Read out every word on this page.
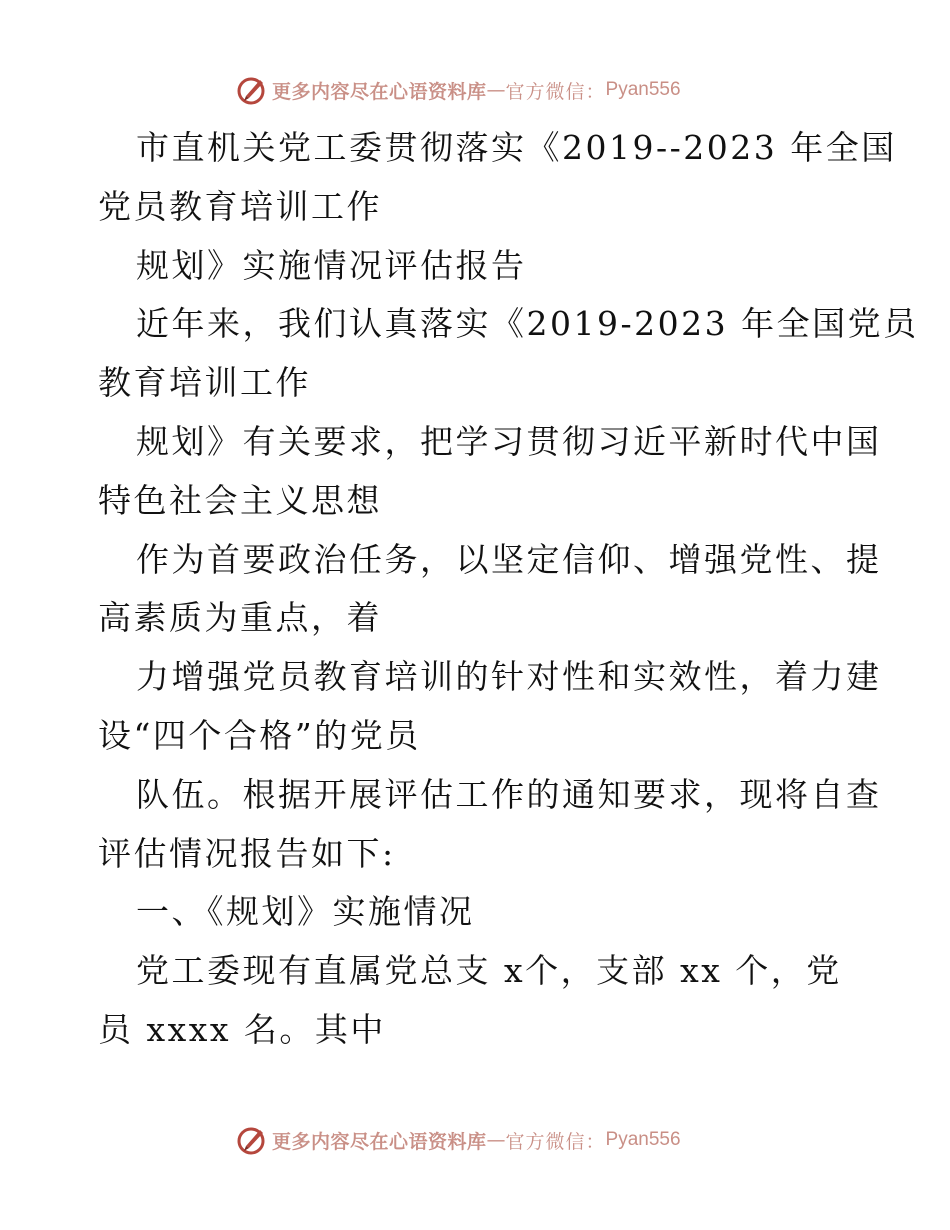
更多内容尽在心语资料库 — 官方微信： Pyan556
市直机关党工委贯彻落实《2019--2023 年全国
党员教育培训工作
规划》实施情况评估报告
近年来，我们认真落实《2019-2023 年全国党员
教育培训工作
规划》有关要求，把学习贯彻习近平新时代中国
特色社会主义思想
作为首要政治任务，以坚定信仰、增强党性、提
高素质为重点，着
力增强党员教育培训的针对性和实效性，着力建
设“四个合格”的党员
队伍。根据开展评估工作的通知要求，现将自查
评估情况报告如下:
一、《规划》实施情况
党工委现有直属党总支 x个，支部 xx 个，党
员 xxxx 名。其中
更多内容尽在心语资料库 — 官方微信： Pyan556
